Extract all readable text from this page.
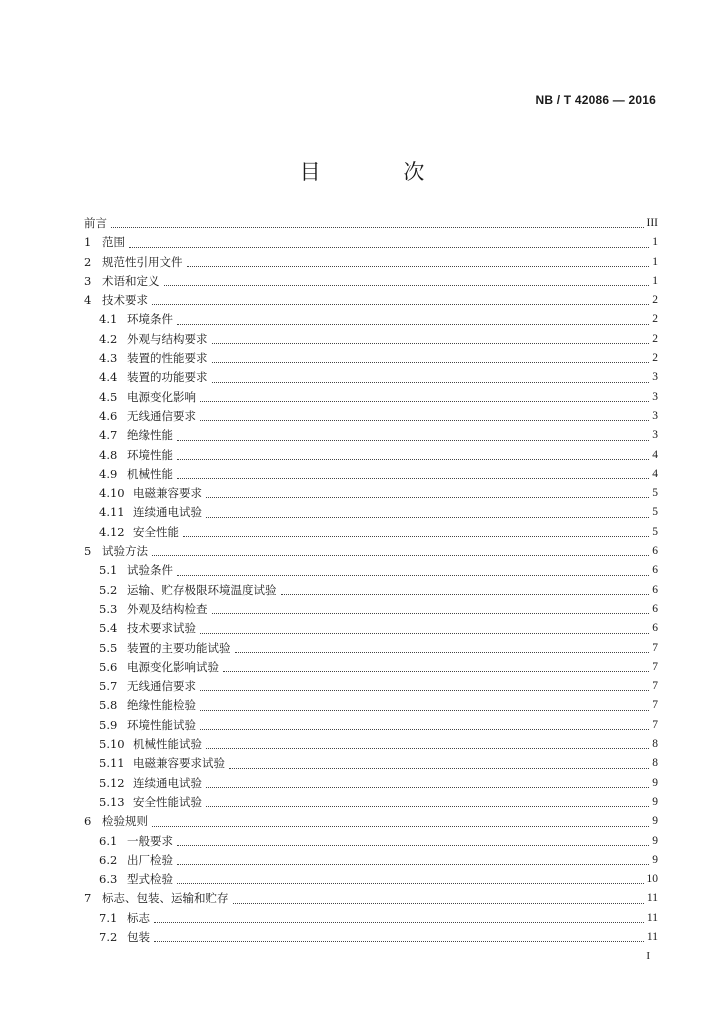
NB / T 42086 — 2016
目 次
前言	III
1 范围	1
2 规范性引用文件	1
3 术语和定义	1
4 技术要求	2
4.1 环境条件	2
4.2 外观与结构要求	2
4.3 装置的性能要求	2
4.4 装置的功能要求	3
4.5 电源变化影响	3
4.6 无线通信要求	3
4.7 绝缘性能	3
4.8 环境性能	4
4.9 机械性能	4
4.10 电磁兼容要求	5
4.11 连续通电试验	5
4.12 安全性能	5
5 试验方法	6
5.1 试验条件	6
5.2 运输、贮存极限环境温度试验	6
5.3 外观及结构检查	6
5.4 技术要求试验	6
5.5 装置的主要功能试验	7
5.6 电源变化影响试验	7
5.7 无线通信要求	7
5.8 绝缘性能检验	7
5.9 环境性能试验	7
5.10 机械性能试验	8
5.11 电磁兼容要求试验	8
5.12 连续通电试验	9
5.13 安全性能试验	9
6 检验规则	9
6.1 一般要求	9
6.2 出厂检验	9
6.3 型式检验	10
7 标志、包装、运输和贮存	11
7.1 标志	11
7.2 包装	11
I
